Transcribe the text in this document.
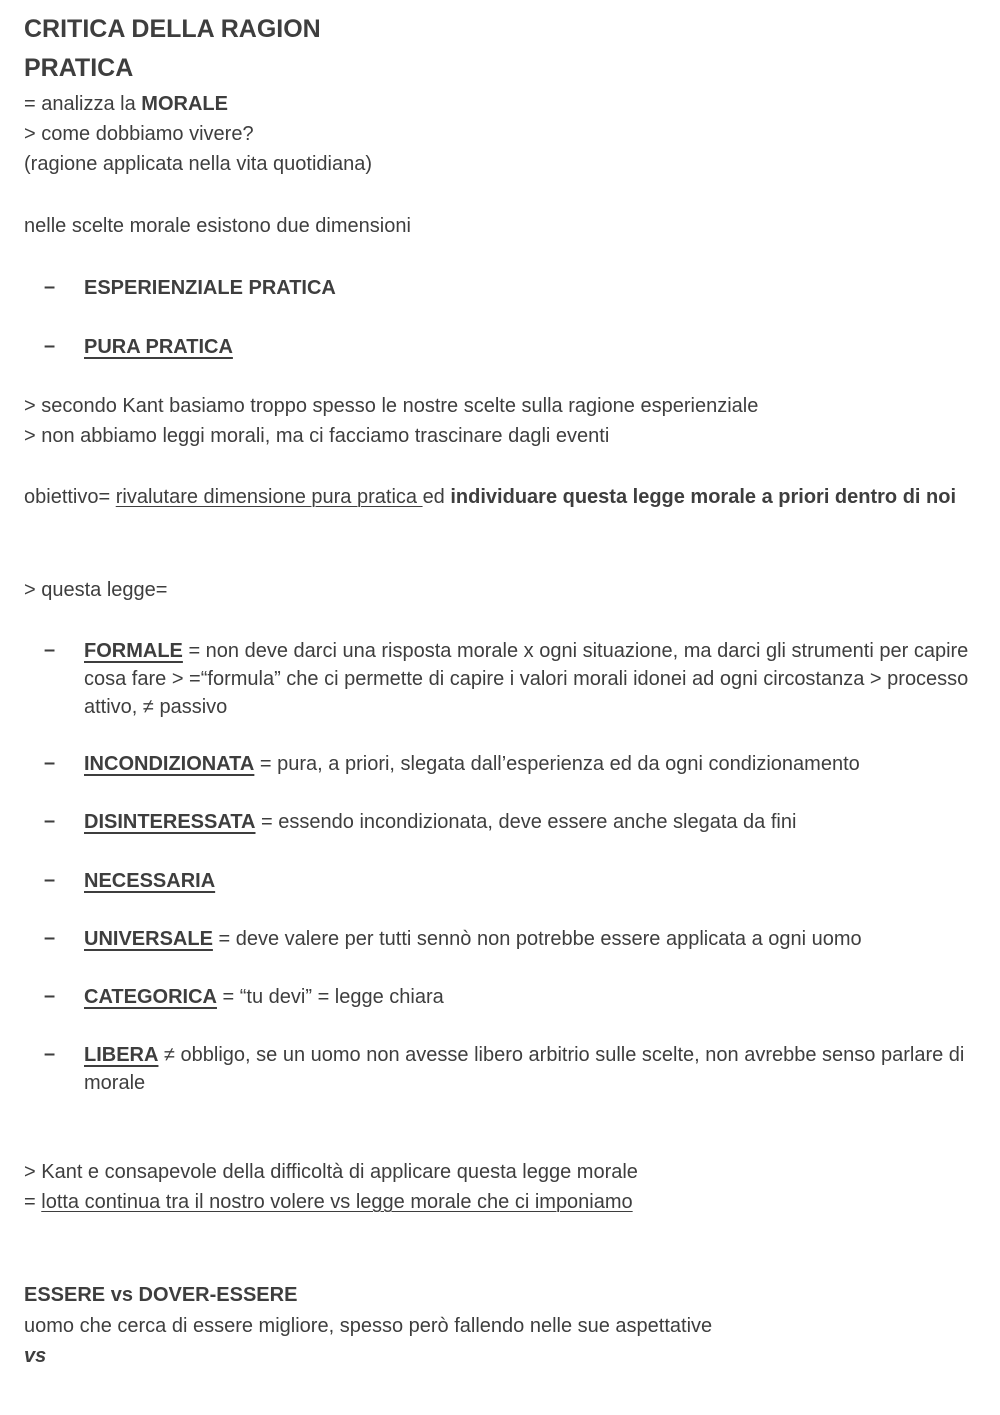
CRITICA DELLA RAGION
PRATICA
= analizza la MORALE
> come dobbiamo vivere?
(ragione applicata nella vita quotidiana)
nelle scelte morale esistono due dimensioni
– ESPERIENZIALE PRATICA
– PURA PRATICA
> secondo Kant basiamo troppo spesso le nostre scelte sulla ragione esperienziale
> non abbiamo leggi morali, ma ci facciamo trascinare dagli eventi
obiettivo= rivalutare dimensione pura pratica ed individuare questa legge morale a priori dentro di noi
> questa legge=
– FORMALE = non deve darci una risposta morale x ogni situazione, ma darci gli strumenti per capire cosa fare > =“formula” che ci permette di capire i valori morali idonei ad ogni circostanza > processo attivo, ≠ passivo
– INCONDIZIONATA = pura, a priori, slegata dall’esperienza ed da ogni condizionamento
– DISINTERESSATA = essendo incondizionata, deve essere anche slegata da fini
– NECESSARIA
– UNIVERSALE = deve valere per tutti sennò non potrebbe essere applicata a ogni uomo
– CATEGORICA = “tu devi” = legge chiara
– LIBERA ≠ obbligo, se un uomo non avesse libero arbitrio sulle scelte, non avrebbe senso parlare di morale
> Kant e consapevole della difficoltà di applicare questa legge morale
= lotta continua tra il nostro volere vs legge morale che ci imponiamo
ESSERE vs DOVER-ESSERE
uomo che cerca di essere migliore, spesso però fallendo nelle sue aspettative
vs
